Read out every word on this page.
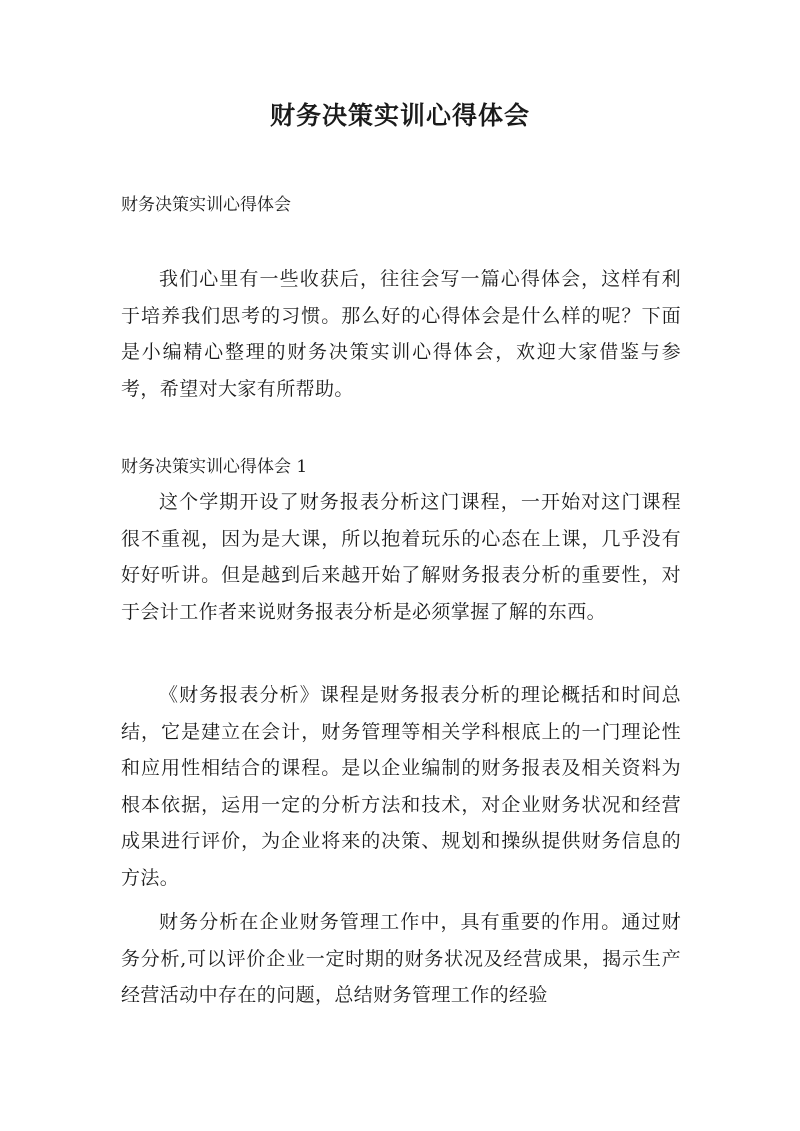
财务决策实训心得体会

财务决策实训心得体会

我们心里有一些收获后，往往会写一篇心得体会，这样有利于培养我们思考的习惯。那么好的心得体会是什么样的呢？下面是小编精心整理的财务决策实训心得体会，欢迎大家借鉴与参考，希望对大家有所帮助。

财务决策实训心得体会 1

这个学期开设了财务报表分析这门课程，一开始对这门课程很不重视，因为是大课，所以抱着玩乐的心态在上课，几乎没有好好听讲。但是越到后来越开始了解财务报表分析的重要性，对于会计工作者来说财务报表分析是必须掌握了解的东西。

《财务报表分析》课程是财务报表分析的理论概括和时间总结，它是建立在会计，财务管理等相关学科根底上的一门理论性和应用性相结合的课程。是以企业编制的财务报表及相关资料为根本依据，运用一定的分析方法和技术，对企业财务状况和经营成果进行评价，为企业将来的决策、规划和操纵提供财务信息的方法。

财务分析在企业财务管理工作中，具有重要的作用。通过财务分析,可以评价企业一定时期的财务状况及经营成果，揭示生产经营活动中存在的问题，总结财务管理工作的经验
